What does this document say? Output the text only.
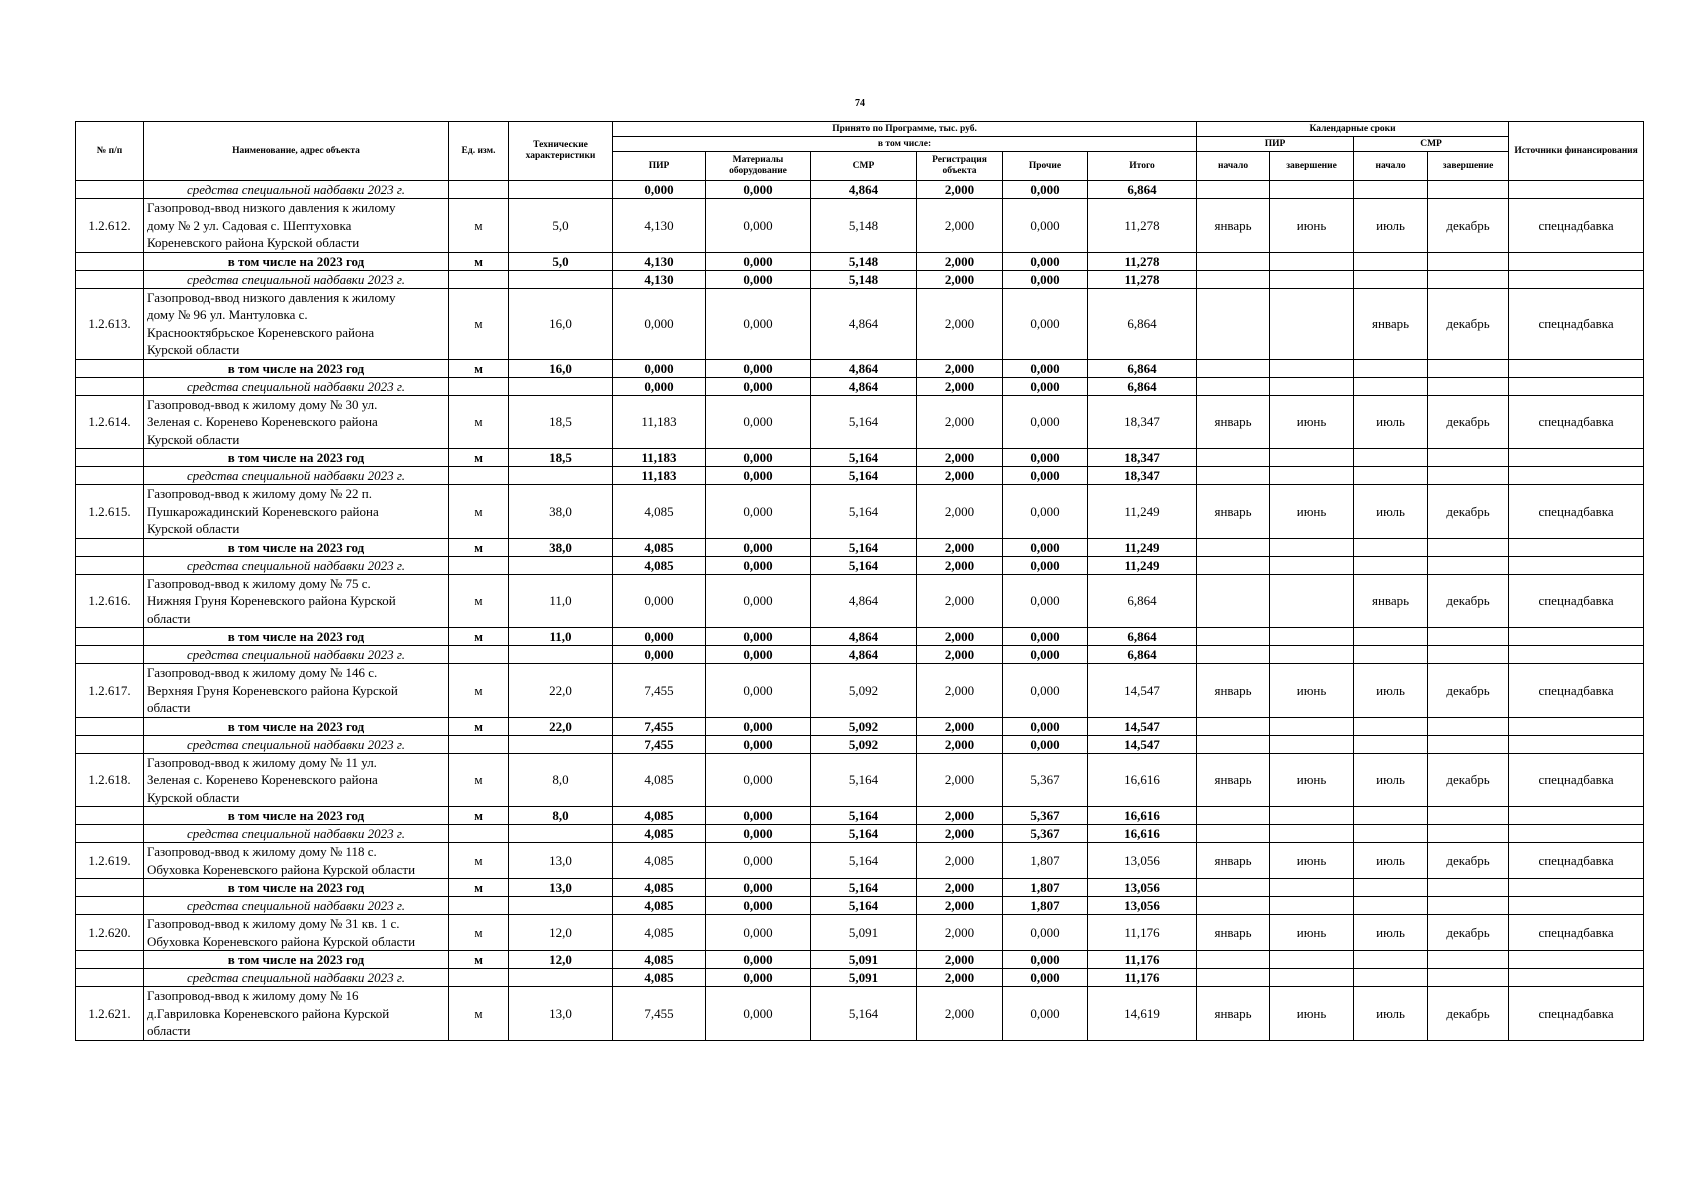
74
№ п/п	Наименование, адрес объекта	Ед. изм.	Технические характеристики	Принято по Программе, тыс. руб.						Календарные сроки				Источники финансирования
				в том числе:						ПИР		СМР		
				ПИР	Материалы оборудование	СМР	Регистрация объекта	Прочие	Итого	начало	завершение	начало	завершение	
	средства специальной надбавки 2023 г.			0,000	0,000	4,864	2,000	0,000	6,864					
1.2.612.	Газопровод-ввод низкого давления к жилому
дому № 2 ул. Садовая с. Шептуховка
Кореневского района Курской области	м	5,0	4,130	0,000	5,148	2,000	0,000	11,278	январь	июнь	июль	декабрь	спецнадбавка
	в том числе на 2023 год	м	5,0	4,130	0,000	5,148	2,000	0,000	11,278					
	средства специальной надбавки 2023 г.			4,130	0,000	5,148	2,000	0,000	11,278					
1.2.613.	Газопровод-ввод низкого давления к жилому
дому № 96 ул. Мантуловка с.
Краснооктябрьское Кореневского района
Курской области	м	16,0	0,000	0,000	4,864	2,000	0,000	6,864			январь	декабрь	спецнадбавка
	в том числе на 2023 год	м	16,0	0,000	0,000	4,864	2,000	0,000	6,864					
	средства специальной надбавки 2023 г.			0,000	0,000	4,864	2,000	0,000	6,864					
1.2.614.	Газопровод-ввод к жилому дому № 30 ул.
Зеленая с. Коренево Кореневского района
Курской области	м	18,5	11,183	0,000	5,164	2,000	0,000	18,347	январь	июнь	июль	декабрь	спецнадбавка
	в том числе на 2023 год	м	18,5	11,183	0,000	5,164	2,000	0,000	18,347					
	средства специальной надбавки 2023 г.			11,183	0,000	5,164	2,000	0,000	18,347					
1.2.615.	Газопровод-ввод к жилому дому № 22 п.
Пушкарожадинский Кореневского района
Курской области	м	38,0	4,085	0,000	5,164	2,000	0,000	11,249	январь	июнь	июль	декабрь	спецнадбавка
	в том числе на 2023 год	м	38,0	4,085	0,000	5,164	2,000	0,000	11,249					
	средства специальной надбавки 2023 г.			4,085	0,000	5,164	2,000	0,000	11,249					
1.2.616.	Газопровод-ввод к жилому дому № 75 с.
Нижняя Груня Кореневского района Курской
области	м	11,0	0,000	0,000	4,864	2,000	0,000	6,864			январь	декабрь	спецнадбавка
	в том числе на 2023 год	м	11,0	0,000	0,000	4,864	2,000	0,000	6,864					
	средства специальной надбавки 2023 г.			0,000	0,000	4,864	2,000	0,000	6,864					
1.2.617.	Газопровод-ввод к жилому дому № 146 с.
Верхняя Груня Кореневского района Курской
области	м	22,0	7,455	0,000	5,092	2,000	0,000	14,547	январь	июнь	июль	декабрь	спецнадбавка
	в том числе на 2023 год	м	22,0	7,455	0,000	5,092	2,000	0,000	14,547					
	средства специальной надбавки 2023 г.			7,455	0,000	5,092	2,000	0,000	14,547					
1.2.618.	Газопровод-ввод к жилому дому № 11 ул.
Зеленая с. Коренево Кореневского района
Курской области	м	8,0	4,085	0,000	5,164	2,000	5,367	16,616	январь	июнь	июль	декабрь	спецнадбавка
	в том числе на 2023 год	м	8,0	4,085	0,000	5,164	2,000	5,367	16,616					
	средства специальной надбавки 2023 г.			4,085	0,000	5,164	2,000	5,367	16,616					
1.2.619.	Газопровод-ввод к жилому дому № 118 с.
Обуховка Кореневского района Курской области	м	13,0	4,085	0,000	5,164	2,000	1,807	13,056	январь	июнь	июль	декабрь	спецнадбавка
	в том числе на 2023 год	м	13,0	4,085	0,000	5,164	2,000	1,807	13,056					
	средства специальной надбавки 2023 г.			4,085	0,000	5,164	2,000	1,807	13,056					
1.2.620.	Газопровод-ввод к жилому дому № 31 кв. 1 с.
Обуховка Кореневского района Курской области	м	12,0	4,085	0,000	5,091	2,000	0,000	11,176	январь	июнь	июль	декабрь	спецнадбавка
	в том числе на 2023 год	м	12,0	4,085	0,000	5,091	2,000	0,000	11,176					
	средства специальной надбавки 2023 г.			4,085	0,000	5,091	2,000	0,000	11,176					
1.2.621.	Газопровод-ввод к жилому дому № 16
д.Гавриловка Кореневского района Курской
области	м	13,0	7,455	0,000	5,164	2,000	0,000	14,619	январь	июнь	июль	декабрь	спецнадбавка
